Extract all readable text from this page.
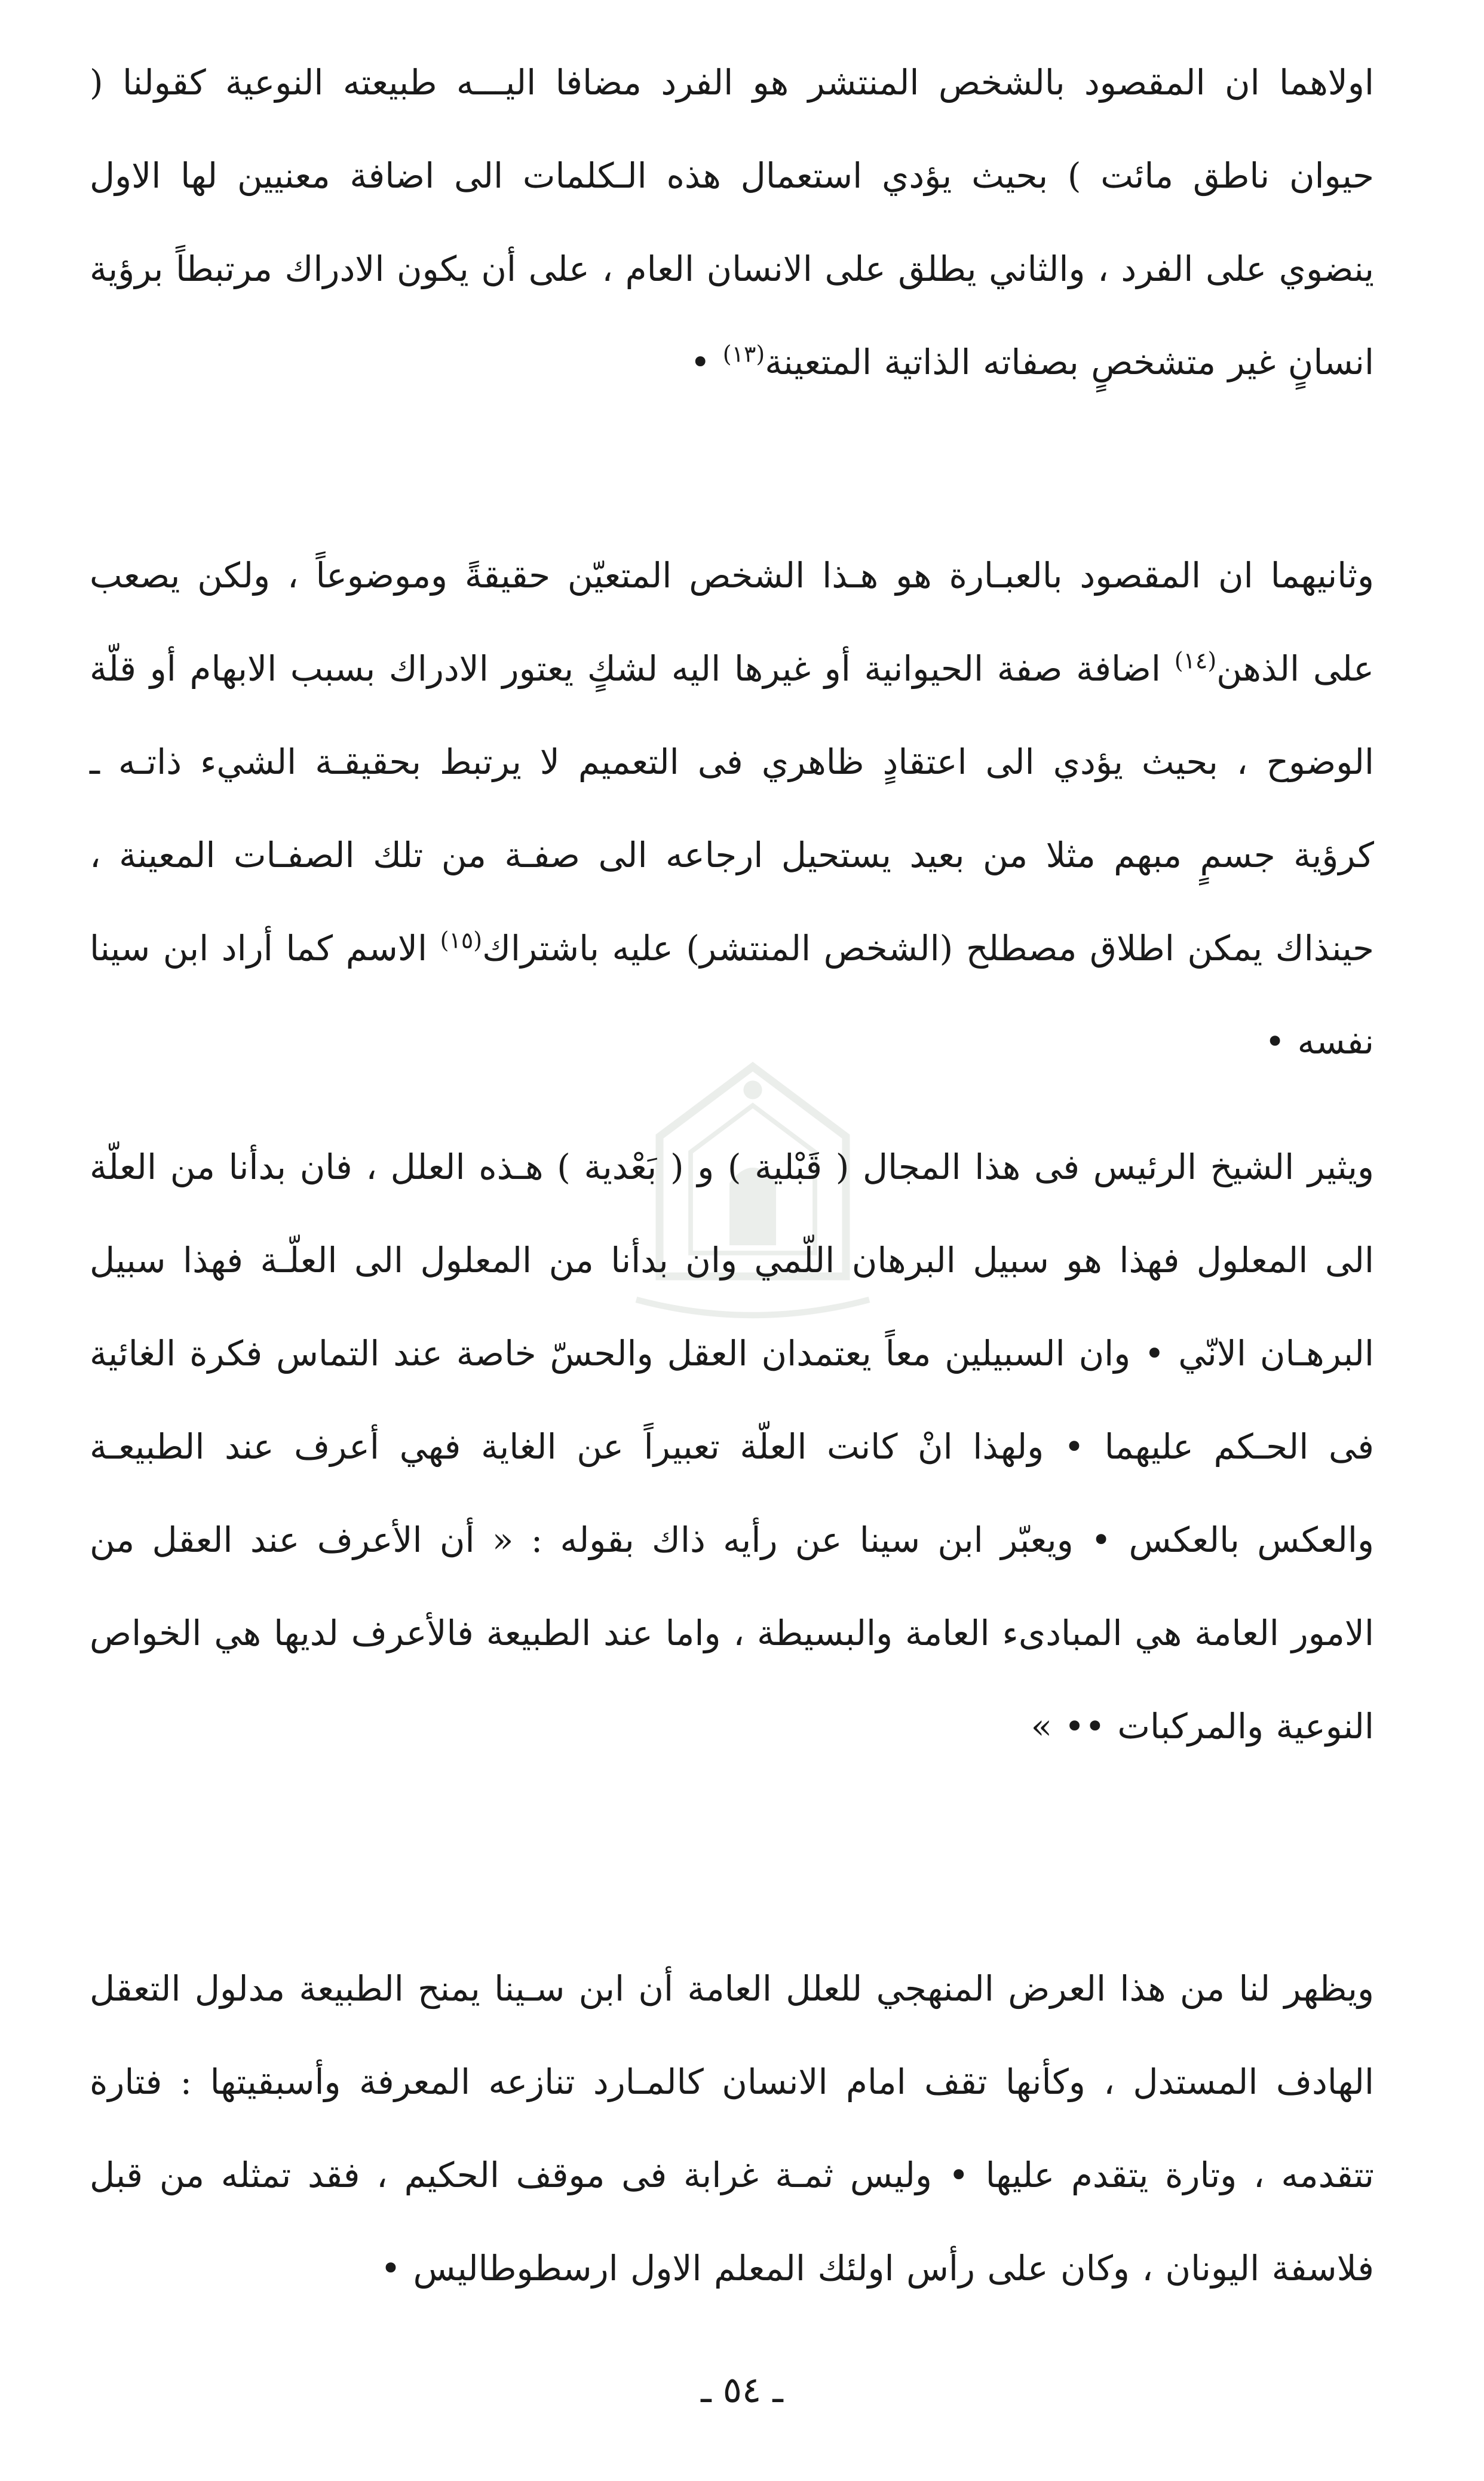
اولاهما ان المقصود بالشخص المنتشر هو الفرد مضافا اليـــه طبيعته النوعية كقولنا ( حيوان ناطق مائت ) بحيث يؤدي استعمال هذه الـكلمات الى اضافة معنيين لها الاول ينضوي على الفرد ، والثاني يطلق على الانسان العام ، على أن يكون الادراك مرتبطاً برؤية انسانٍ غير متشخصٍ بصفاته الذاتية المتعينة$^{(١٣)}$ •
وثانيهما ان المقصود بالعبـارة هو هـذا الشخص المتعيّن حقيقةً وموضوعاً ، ولكن يصعب على الذهن$^{(١٤)}$ اضافة صفة الحيوانية أو غيرها اليه لشكٍ يعتور الادراك بسبب الابهام أو قلّة الوضوح ، بحيث يؤدي الى اعتقادٍ ظاهري فى التعميم لا يرتبط بحقيقـة الشيء ذاتـه ـ كرؤية جسمٍ مبهم مثلا من بعيد يستحيل ارجاعه الى صفـة من تلك الصفـات المعينة ، حينذاك يمكن اطلاق مصطلح (الشخص المنتشر) عليه باشتراك$^{(١٥)}$ الاسم كما أراد ابن سينا نفسه •
ويثير الشيخ الرئيس فى هذا المجال ( قَبْلية ) و ( بَعْدية ) هـذه العلل ، فان بدأنا من العلّة الى المعلول فهذا هو سبيل البرهان اللّمي وان بدأنا من المعلول الى العلّـة فهذا سبيل البرهـان الانّي • وان السبيلين معاً يعتمدان العقل والحسّ خاصة عند التماس فكرة الغائية فى الحـكم عليهما • ولهذا انْ كانت العلّة تعبيراً عن الغاية فهي أعرف عند الطبيعـة والعكس بالعكس • ويعبّر ابن سينا عن رأيه ذاك بقوله : « أن الأعرف عند العقل من الامور العامة هي المبادىء العامة والبسيطة ، واما عند الطبيعة فالأعرف لديها هي الخواص النوعية والمركبات •• »
ويظهر لنا من هذا العرض المنهجي للعلل العامة أن ابن سـينا يمنح الطبيعة مدلول التعقل الهادف المستدل ، وكأنها تقف امام الانسان كالمـارد تنازعه المعرفة وأسبقيتها : فتارة تتقدمه ، وتارة يتقدم عليها • وليس ثمـة غرابة فى موقف الحكيم ، فقد تمثله من قبل فلاسفة اليونان ، وكان على رأس اولئك المعلم الاول ارسطوطاليس •
ـ ٥٤ ـ
